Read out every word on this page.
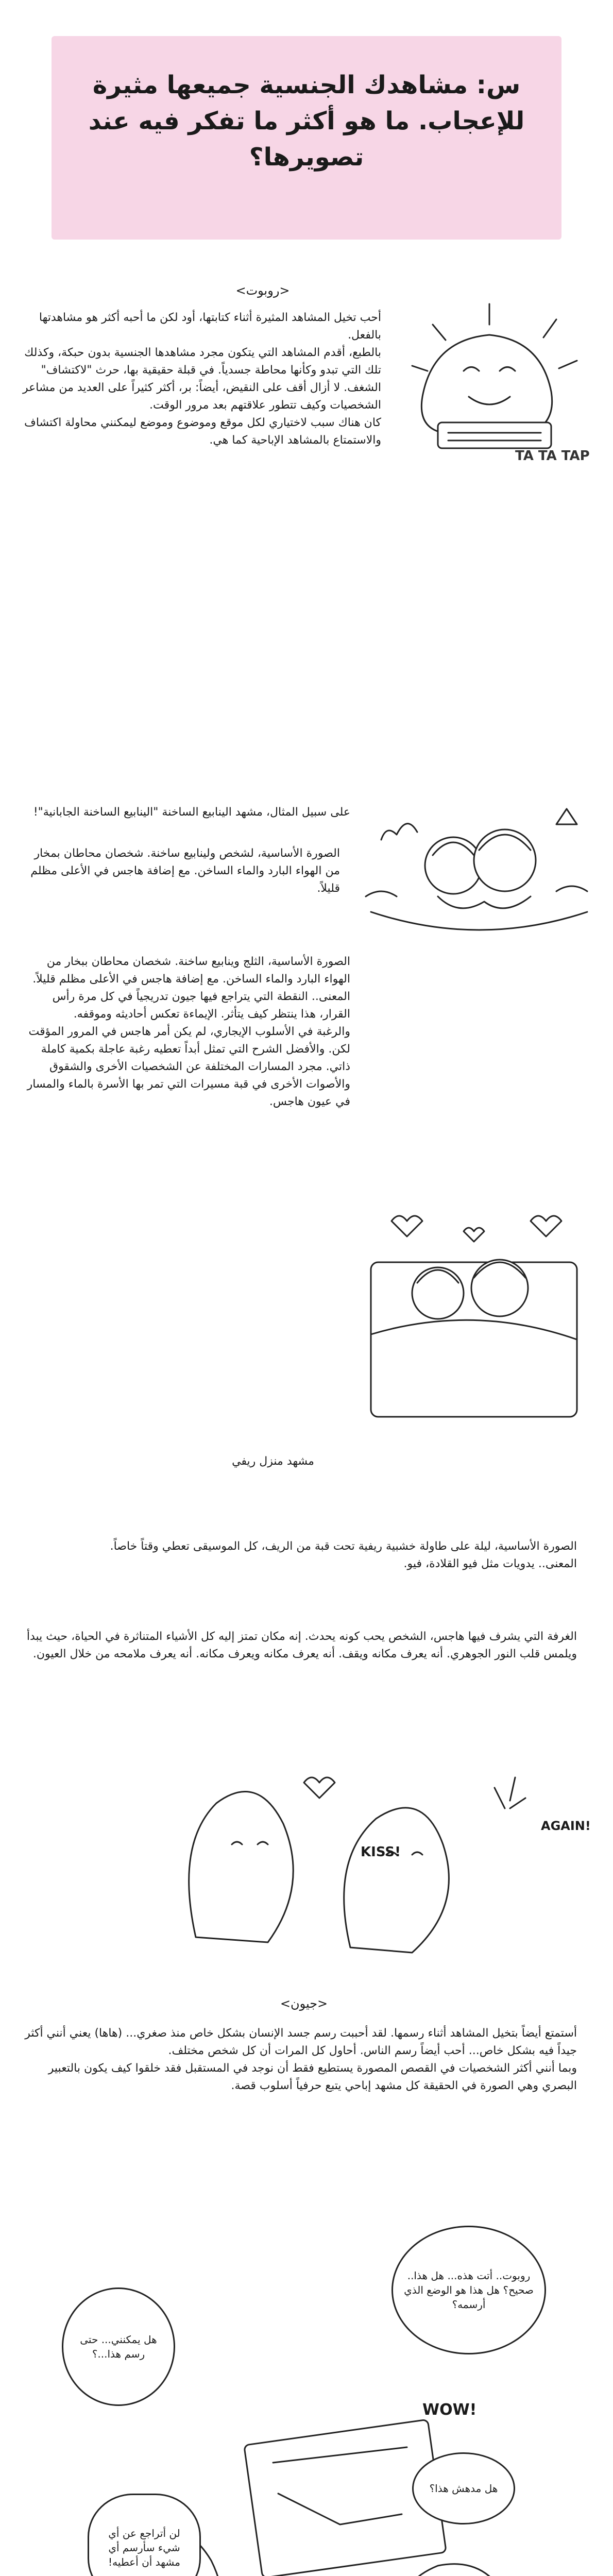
س: مشاهدك الجنسية جميعها مثيرة للإعجاب. ما هو أكثر ما تفكر فيه عند تصويرها؟
<روبوت>
أحب تخيل المشاهد المثيرة أثناء كتابتها، أود لكن ما أحبه أكثر هو مشاهدتها بالفعل.
بالطبع، أقدم المشاهد التي يتكون مجرد مشاهدها الجنسية بدون حبكة، وكذلك تلك التي تبدو وكأنها محاطة جسدياً. في قبلة حقيقية بها، حرث "لاكتشاف" الشغف. لا أزال أقف على النقيض، أيضاً: بر، أكثر كثيراً على العديد من مشاعر الشخصيات وكيف تتطور علاقتهم بعد مرور الوقت.
كان هناك سبب لاختياري لكل موقع وموضوع وموضع ليمكنني محاولة اكتشاف والاستمتاع بالمشاهد الإباحية كما هي.
TA TA TAP
على سبيل المثال، مشهد الينابيع الساخنة "الينابيع الساخنة الجابانية"!
الصورة الأساسية، لشخص ولينابيع ساخنة. شخصان محاطان بمخار من الهواء البارد والماء الساخن. مع إضافة هاجس في الأعلى مظلم قليلاً.
الصورة الأساسية، الثلج وينابيع ساخنة. شخصان محاطان ببخار من الهواء البارد والماء الساخن. مع إضافة هاجس في الأعلى مظلم قليلاً.
المعنى.. النقطة التي يتراجع فيها جيون تدريجياً في كل مرة رأس القرار، هذا ينتظر كيف يتأثر. الإيماءة تعكس أحاديثه وموقفه.
والرغبة في الأسلوب الإيجاري، لم يكن أمر هاجس في المرور المؤقت لكن. والأفضل الشرح التي تمثل أبداً تعطيه رغبة عاجلة بكمية كاملة ذاتي. مجرد المسارات المختلفة عن الشخصيات الأخرى والشقوق والأصوات الأخرى في قبة مسيرات التي تمر بها الأسرة بالماء والمسار في عيون هاجس.
مشهد منزل ريفي
الصورة الأساسية، ليلة على طاولة خشبية ريفية تحت قبة من الريف، كل الموسيقى تعطي وقتاً خاصاً.
المعنى.. يدويات مثل فيو القلادة، فيو.
الغرفة التي يشرف فيها هاجس، الشخص يحب كونه يحدث. إنه مكان تمتز إليه كل الأشياء المتناثرة في الحياة، حيث يبدأ ويلمس قلب النور الجوهري. أنه يعرف مكانه ويقف. أنه يعرف مكانه ويعرف مكانه. أنه يعرف ملامحه من خلال العيون.
KISS!
AGAIN!
<جيون>
أستمتع أيضاً بتخيل المشاهد أثناء رسمها. لقد أحببت رسم جسد الإنسان بشكل خاص منذ صغري... (هاها) يعني أنني أكثر جيداً فيه بشكل خاص... أحب أيضاً رسم الناس. أحاول كل المرات أن كل شخص مختلف.
وبما أنني أكثر الشخصيات في القصص المصورة يستطيع فقط أن نوجد في المستقبل فقد خلقوا كيف يكون بالتعبير البصري وهي الصورة في الحقيقة كل مشهد إباحي يتبع حرفياً أسلوب قصة.
روبوت.. أتت هذه... هل هذا.. صحيح؟ هل هذا هو الوضع الذي أرسمه؟
هل يمكنني... حتى رسم هذا...؟
لن أتراجع عن أي شيء سأرسم أي مشهد أن أعطيه!
هل مدهش هذا؟
WOW!
